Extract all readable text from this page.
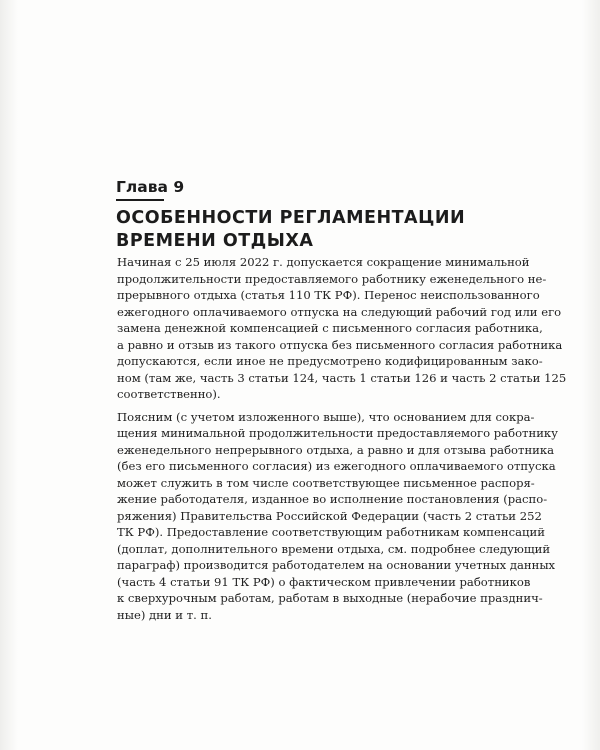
Глава 9
ОСОБЕННОСТИ РЕГЛАМЕНТАЦИИ
ВРЕМЕНИ ОТДЫХА
Начиная с 25 июля 2022 г. допускается сокращение минимальной
продолжительности предоставляемого работнику еженедельного не-
прерывного отдыха (статья 110 ТК РФ). Перенос неиспользованного
ежегодного оплачиваемого отпуска на следующий рабочий год или его
замена денежной компенсацией с письменного согласия работника,
а равно и отзыв из такого отпуска без письменного согласия работника
допускаются, если иное не предусмотрено кодифицированным зако-
ном (там же, часть 3 статьи 124, часть 1 статьи 126 и часть 2 статьи 125
соответственно).
Поясним (с учетом изложенного выше), что основанием для сокра-
щения минимальной продолжительности предоставляемого работнику
еженедельного непрерывного отдыха, а равно и для отзыва работника
(без его письменного согласия) из ежегодного оплачиваемого отпуска
может служить в том числе соответствующее письменное распоря-
жение работодателя, изданное во исполнение постановления (распо-
ряжения) Правительства Российской Федерации (часть 2 статьи 252
ТК РФ). Предоставление соответствующим работникам компенсаций
(доплат, дополнительного времени отдыха, см. подробнее следующий
параграф) производится работодателем на основании учетных данных
(часть 4 статьи 91 ТК РФ) о фактическом привлечении работников
к сверхурочным работам, работам в выходные (нерабочие празднич-
ные) дни и т. п.
